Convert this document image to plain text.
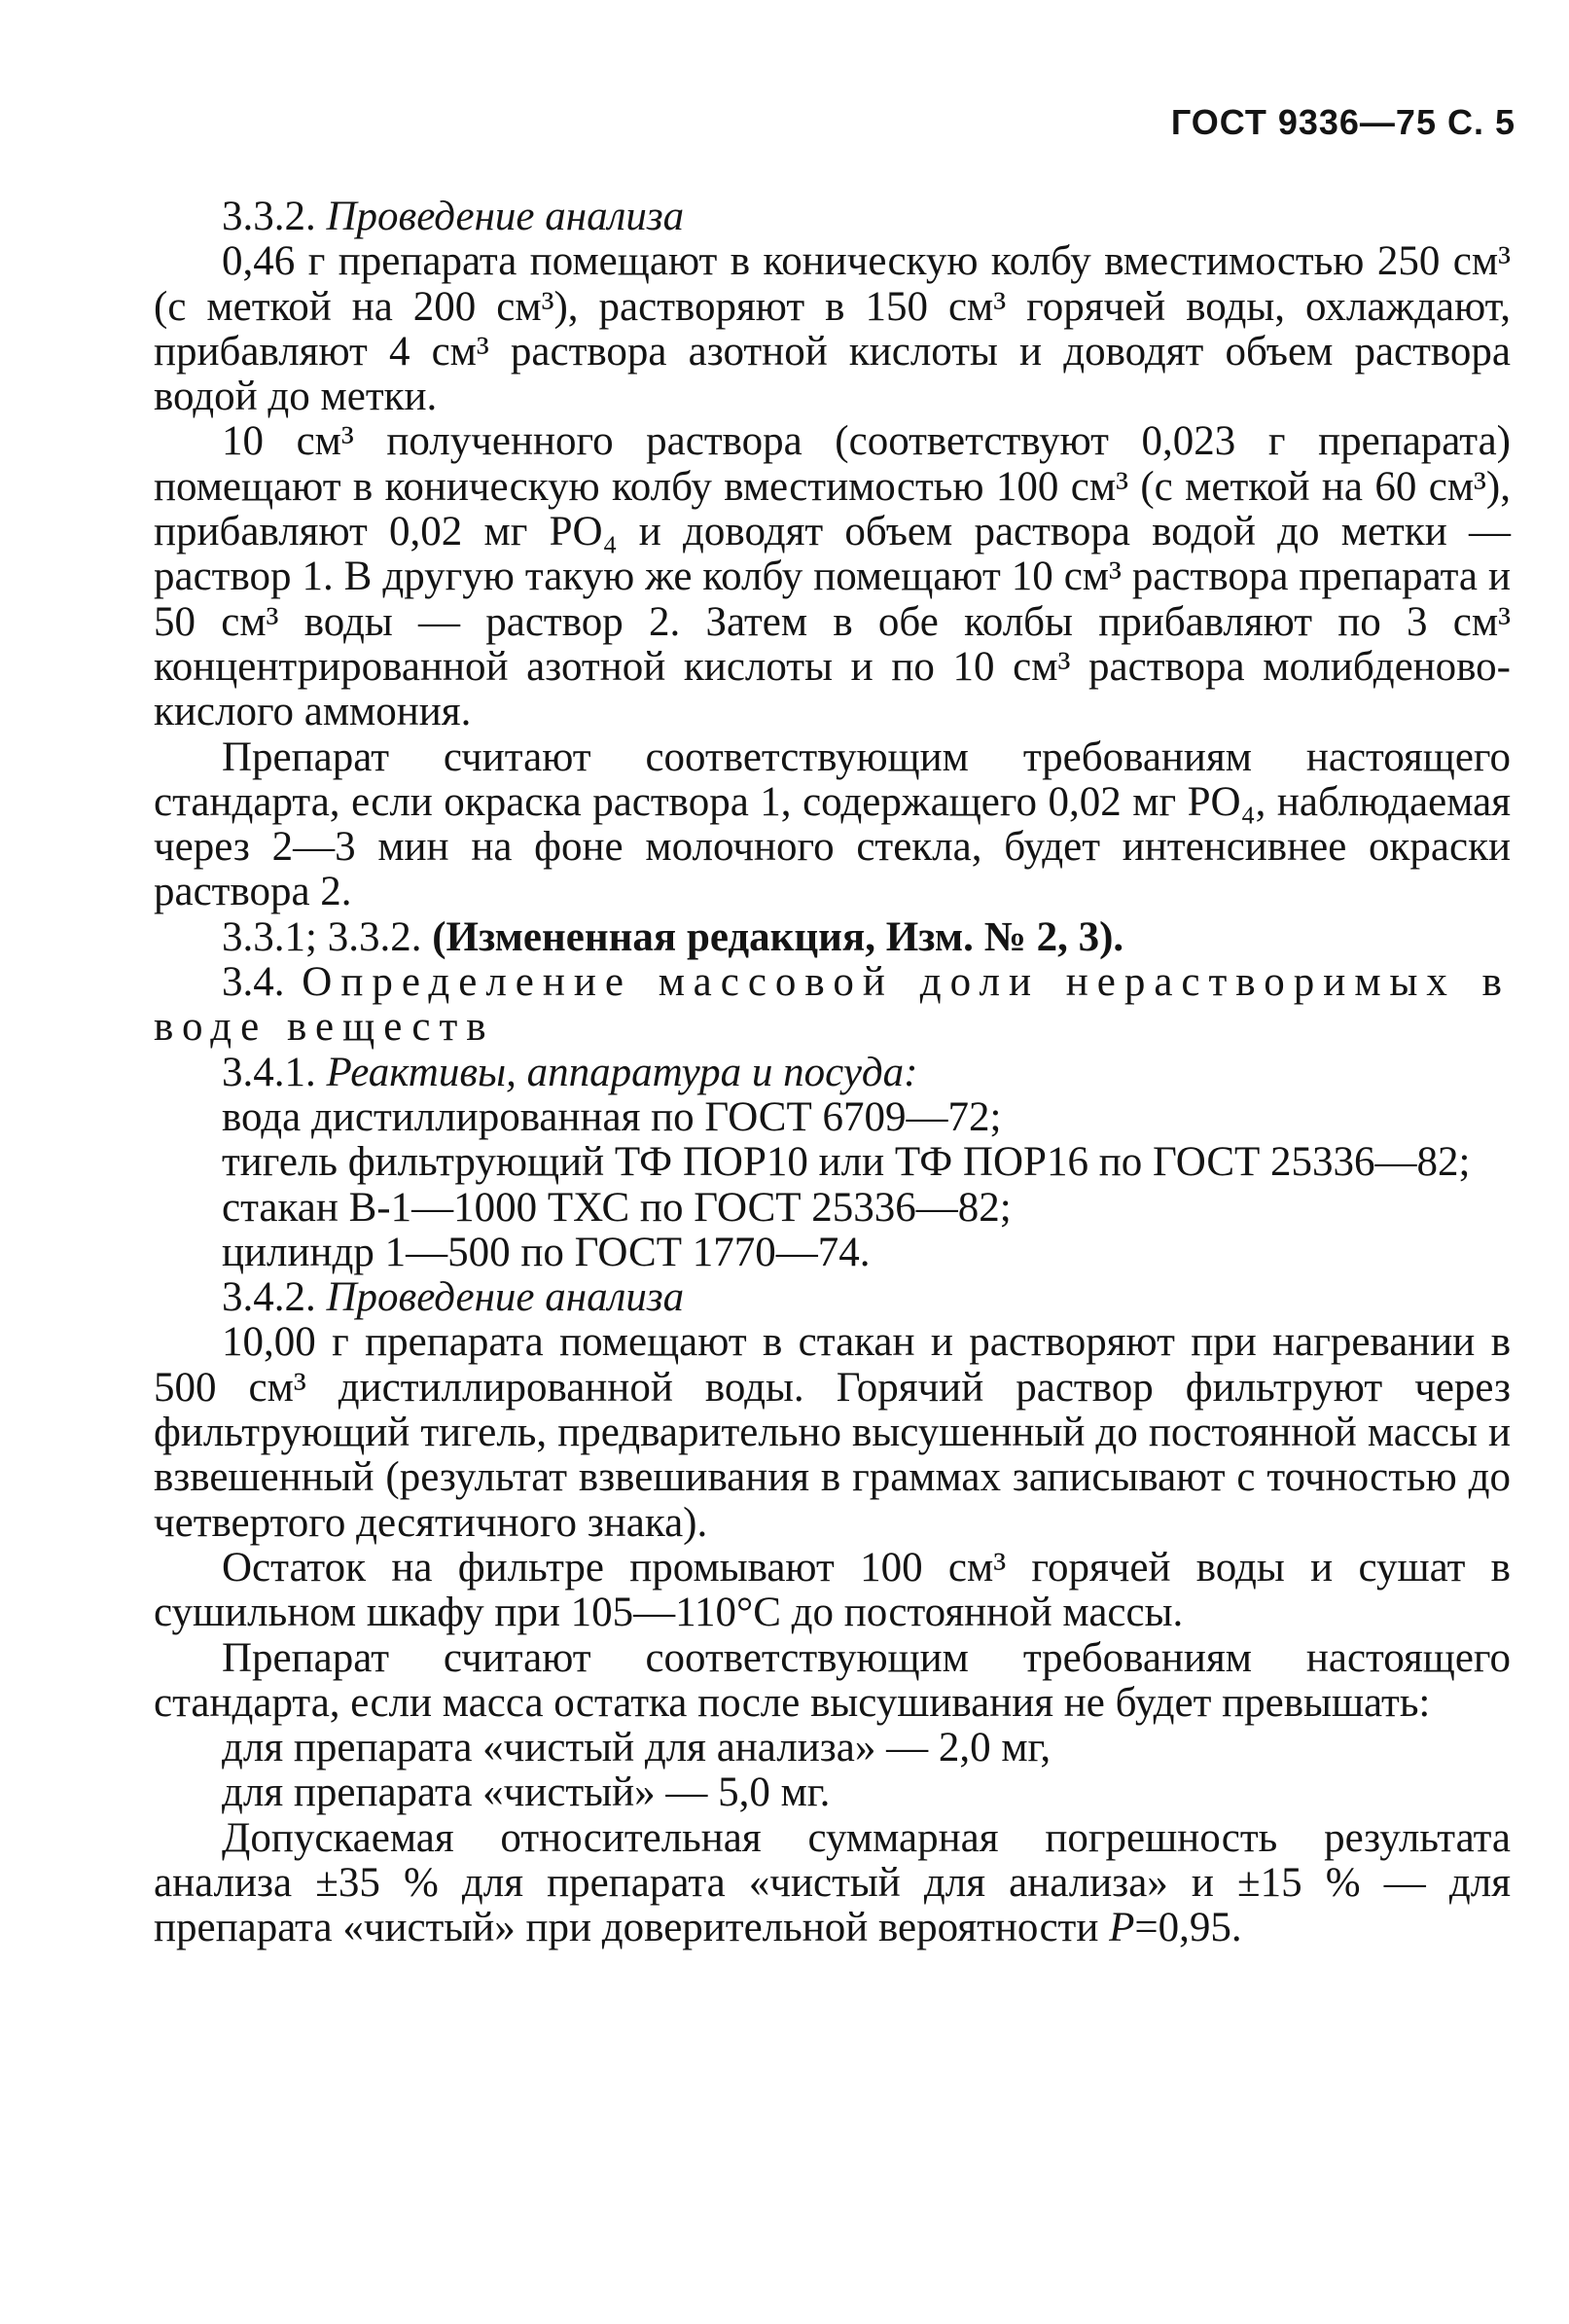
ГОСТ 9336—75 С. 5

3.3.2. Проведение анализа

0,46 г препарата помещают в коническую колбу вместимостью 250 см³ (с меткой на 200 см³), растворяют в 150 см³ горячей воды, охлаждают, прибавляют 4 см³ раствора азотной кислоты и доводят объем раствора водой до метки.

10 см³ полученного раствора (соответствуют 0,023 г препарата) помещают в коническую колбу вместимостью 100 см³ (с меткой на 60 см³), прибавляют 0,02 мг PO₄ и доводят объем раствора водой до метки — раствор 1. В другую такую же колбу помещают 10 см³ раствора препарата и 50 см³ воды — раствор 2. Затем в обе колбы прибавляют по 3 см³ концентрированной азотной кислоты и по 10 см³ раствора молибденово-кислого аммония.

Препарат считают соответствующим требованиям настоящего стандарта, если окраска раствора 1, содержащего 0,02 мг PO₄, наблюдаемая через 2—3 мин на фоне молочного стекла, будет интенсивнее окраски раствора 2.

3.3.1; 3.3.2. (Измененная редакция, Изм. № 2, 3).

3.4. Определение массовой доли нерастворимых в воде веществ

3.4.1. Реактивы, аппаратура и посуда:

вода дистиллированная по ГОСТ 6709—72;

тигель фильтрующий ТФ ПОР10 или ТФ ПОР16 по ГОСТ 25336—82;

стакан В-1—1000 ТХС по ГОСТ 25336—82;

цилиндр 1—500 по ГОСТ 1770—74.

3.4.2. Проведение анализа

10,00 г препарата помещают в стакан и растворяют при нагревании в 500 см³ дистиллированной воды. Горячий раствор фильтруют через фильтрующий тигель, предварительно высушенный до постоянной массы и взвешенный (результат взвешивания в граммах записывают с точностью до четвертого десятичного знака).

Остаток на фильтре промывают 100 см³ горячей воды и сушат в сушильном шкафу при 105—110°С до постоянной массы.

Препарат считают соответствующим требованиям настоящего стандарта, если масса остатка после высушивания не будет превышать:

для препарата «чистый для анализа» — 2,0 мг,

для препарата «чистый» — 5,0 мг.

Допускаемая относительная суммарная погрешность результата анализа ±35 % для препарата «чистый для анализа» и ±15 % — для препарата «чистый» при доверительной вероятности P=0,95.
